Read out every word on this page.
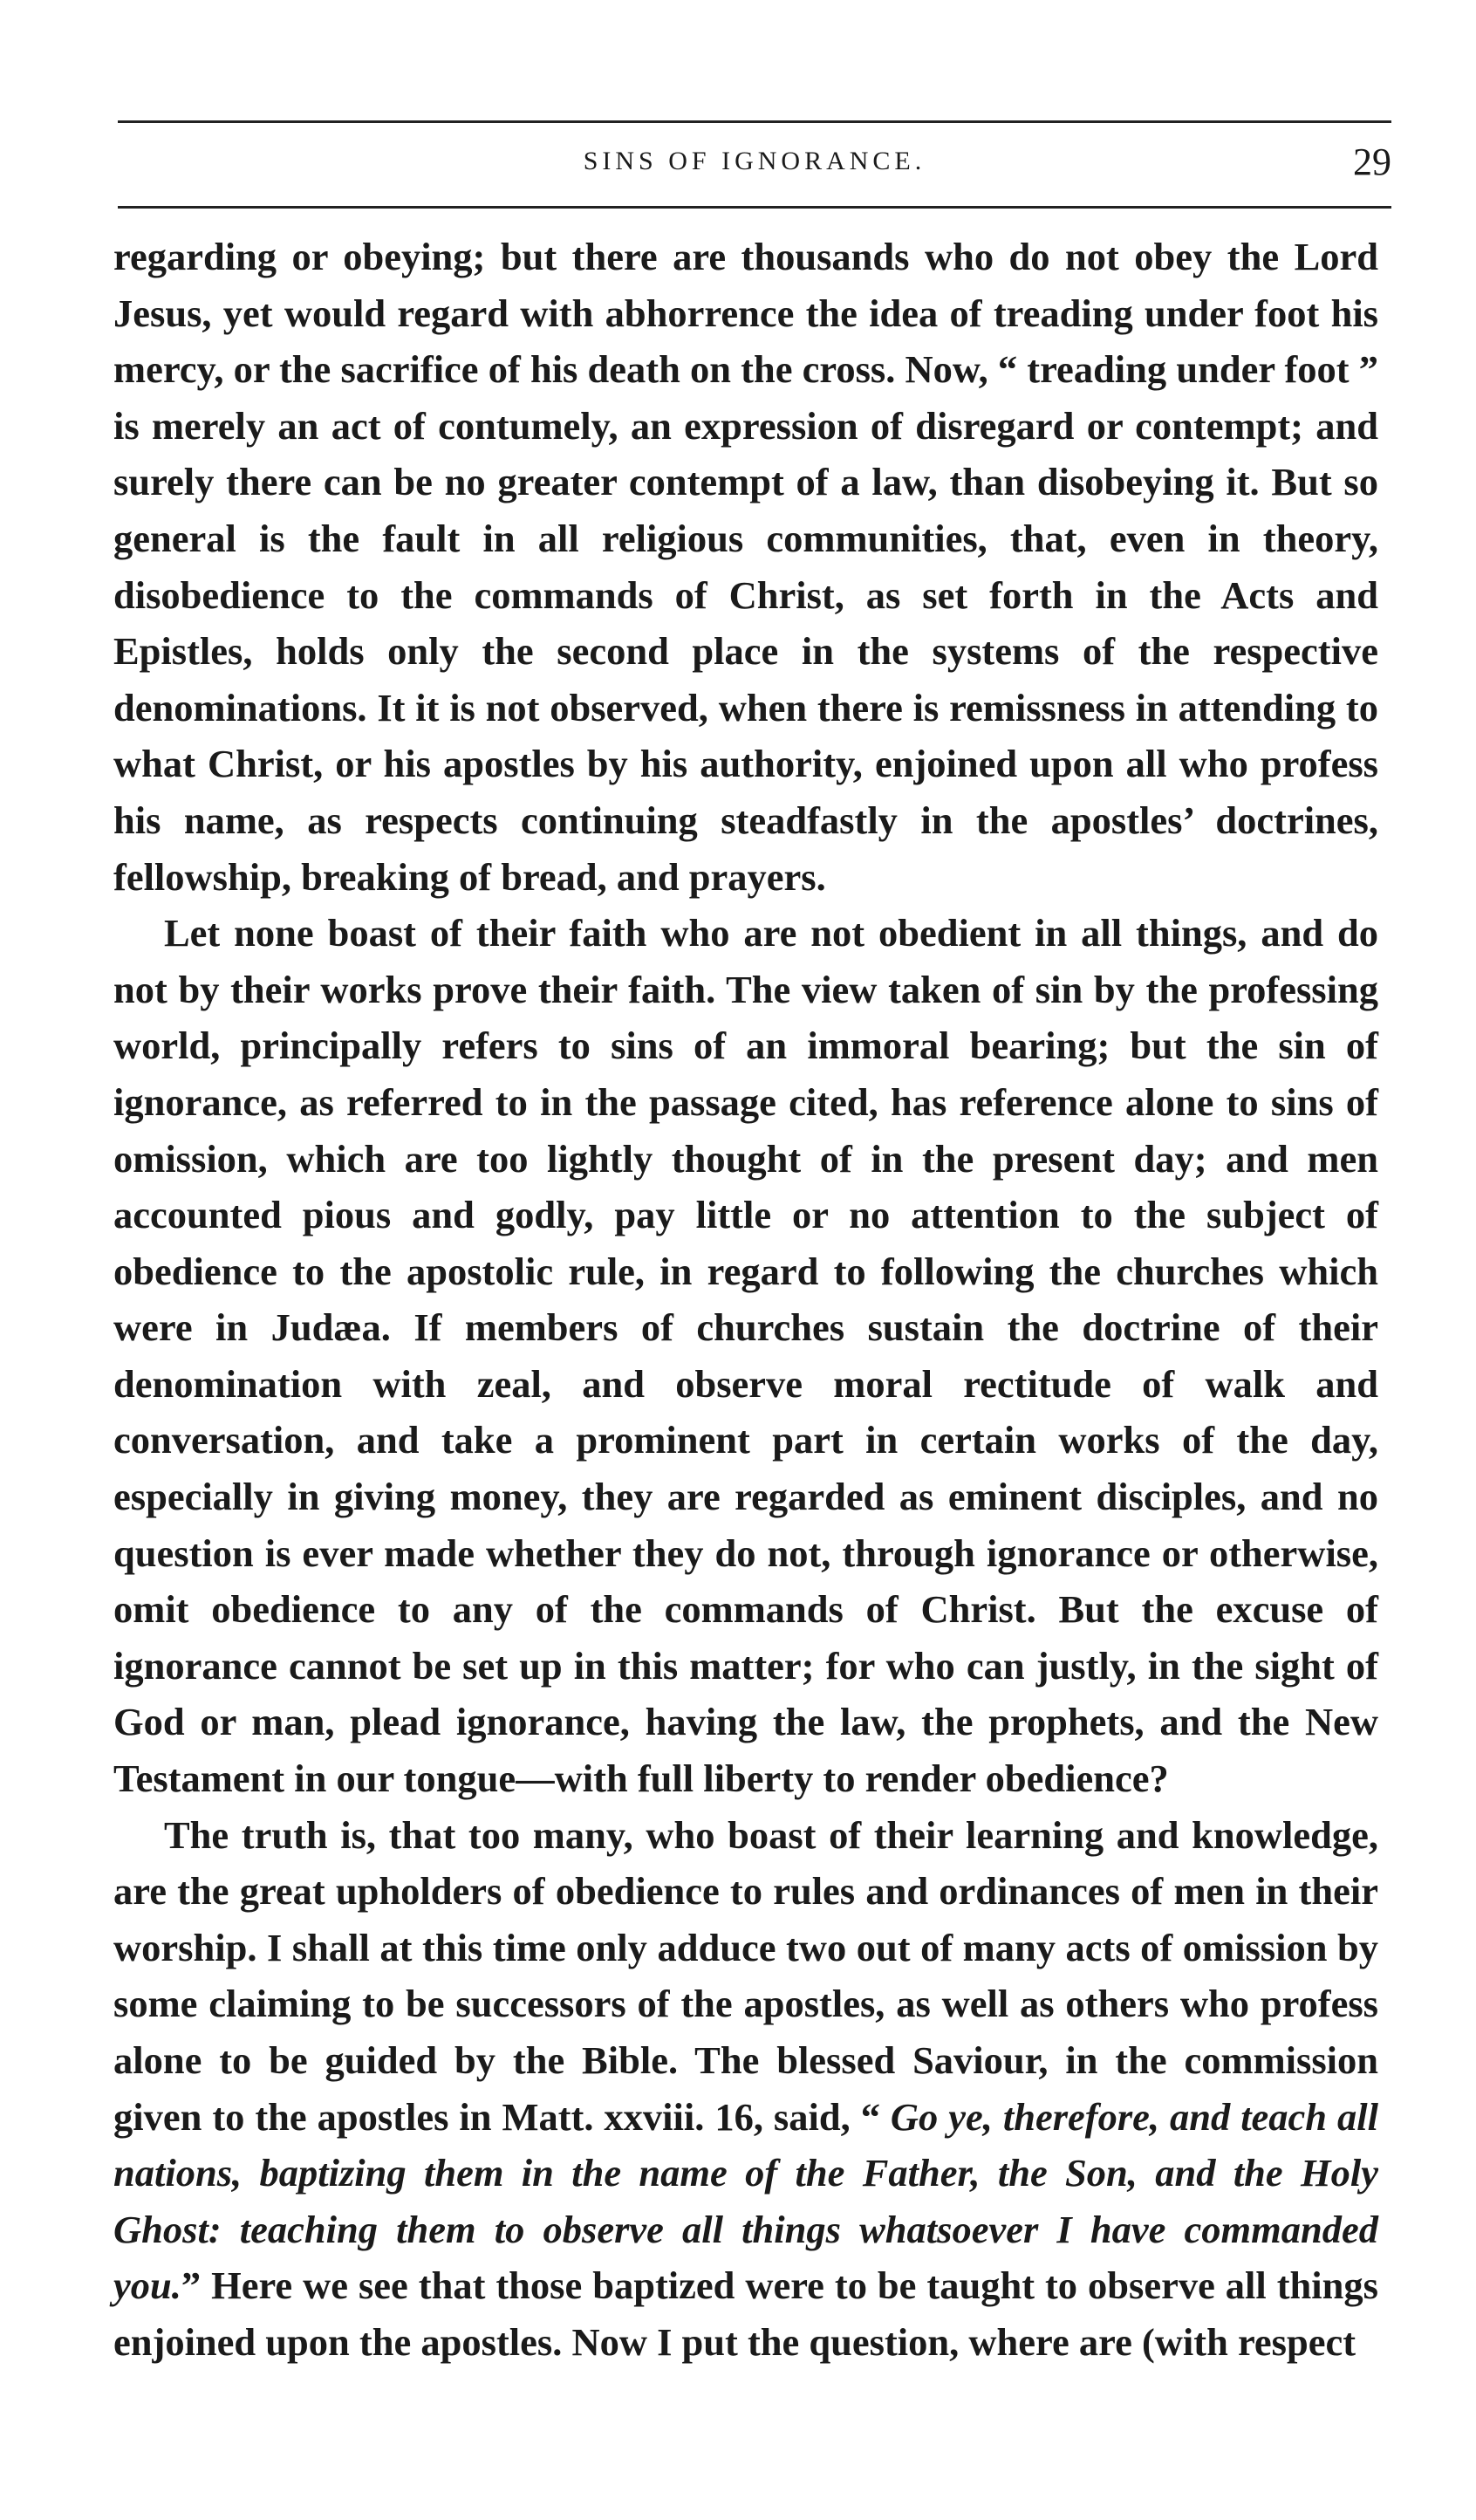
SINS OF IGNORANCE.	29

regarding or obeying; but there are thousands who do not obey the Lord Jesus, yet would regard with abhorrence the idea of treading under foot his mercy, or the sacrifice of his death on the cross. Now, “ treading under foot ” is merely an act of contumely, an expression of disregard or contempt; and surely there can be no greater contempt of a law, than disobeying it. But so general is the fault in all religious communities, that, even in theory, disobedience to the commands of Christ, as set forth in the Acts and Epistles, holds only the second place in the systems of the respective denominations. It it is not observed, when there is remissness in attending to what Christ, or his apostles by his authority, enjoined upon all who profess his name, as respects continuing steadfastly in the apostles’ doctrines, fellowship, breaking of bread, and prayers.

Let none boast of their faith who are not obedient in all things, and do not by their works prove their faith. The view taken of sin by the professing world, principally refers to sins of an immoral bearing; but the sin of ignorance, as referred to in the passage cited, has reference alone to sins of omission, which are too lightly thought of in the present day; and men accounted pious and godly, pay little or no attention to the subject of obedience to the apostolic rule, in regard to following the churches which were in Judæa. If members of churches sustain the doctrine of their denomination with zeal, and observe moral rectitude of walk and conversation, and take a prominent part in certain works of the day, especially in giving money, they are regarded as eminent disciples, and no question is ever made whether they do not, through ignorance or otherwise, omit obedience to any of the commands of Christ. But the excuse of ignorance cannot be set up in this matter; for who can justly, in the sight of God or man, plead ignorance, having the law, the prophets, and the New Testament in our tongue—with full liberty to render obedience?

The truth is, that too many, who boast of their learning and knowledge, are the great upholders of obedience to rules and ordinances of men in their worship. I shall at this time only adduce two out of many acts of omission by some claiming to be successors of the apostles, as well as others who profess alone to be guided by the Bible. The blessed Saviour, in the commission given to the apostles in Matt. xxviii. 16, said, “ Go ye, therefore, and teach all nations, baptizing them in the name of the Father, the Son, and the Holy Ghost: teaching them to observe all things whatsoever I have commanded you.” Here we see that those baptized were to be taught to observe all things enjoined upon the apostles. Now I put the question, where are (with respect
